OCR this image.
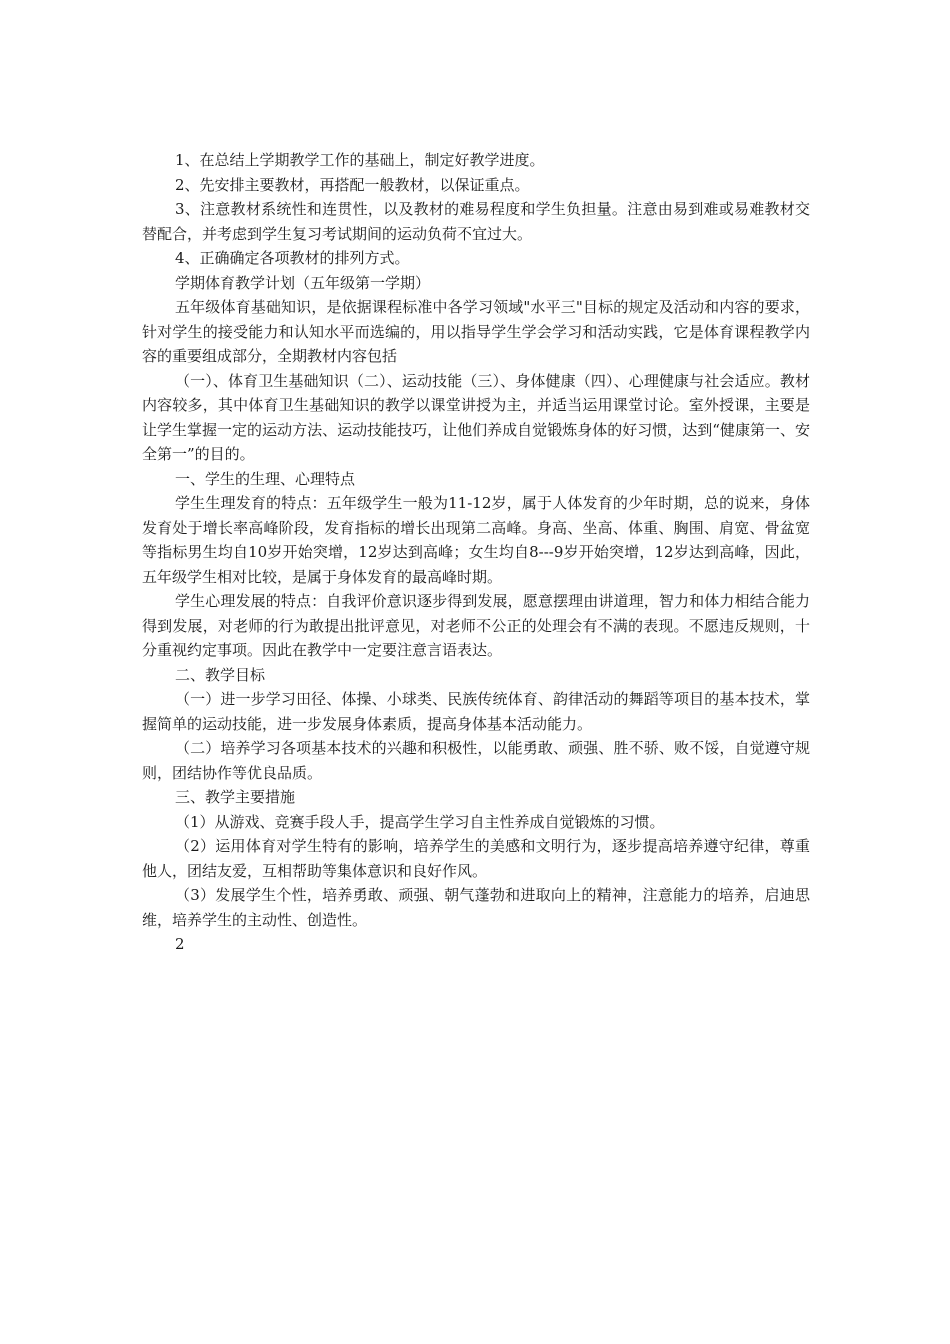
1、在总结上学期教学工作的基础上，制定好教学进度。

2、先安排主要教材，再搭配一般教材，以保证重点。

3、注意教材系统性和连贯性，以及教材的难易程度和学生负担量。注意由易到难或易难教材交替配合，并考虑到学生复习考试期间的运动负荷不宜过大。

4、正确确定各项教材的排列方式。

学期体育教学计划（五年级第一学期）

五年级体育基础知识，是依据课程标准中各学习领域"水平三"目标的规定及活动和内容的要求，针对学生的接受能力和认知水平而选编的，用以指导学生学会学习和活动实践，它是体育课程教学内容的重要组成部分，全期教材内容包括

（一）、体育卫生基础知识（二）、运动技能（三）、身体健康（四）、心理健康与社会适应。教材内容较多，其中体育卫生基础知识的教学以课堂讲授为主，并适当运用课堂讨论。室外授课，主要是让学生掌握一定的运动方法、运动技能技巧，让他们养成自觉锻炼身体的好习惯，达到“健康第一、安全第一”的目的。

一、学生的生理、心理特点

学生生理发育的特点：五年级学生一般为11-12岁，属于人体发育的少年时期，总的说来，身体发育处于增长率高峰阶段，发育指标的增长出现第二高峰。身高、坐高、体重、胸围、肩宽、骨盆宽等指标男生均自10岁开始突增，12岁达到高峰；女生均自8---9岁开始突增，12岁达到高峰，因此，五年级学生相对比较，是属于身体发育的最高峰时期。

学生心理发展的特点：自我评价意识逐步得到发展，愿意摆理由讲道理，智力和体力相结合能力得到发展，对老师的行为敢提出批评意见，对老师不公正的处理会有不满的表现。不愿违反规则，十分重视约定事项。因此在教学中一定要注意言语表达。

二、教学目标

（一）进一步学习田径、体操、小球类、民族传统体育、韵律活动的舞蹈等项目的基本技术，掌握简单的运动技能，进一步发展身体素质，提高身体基本活动能力。

（二）培养学习各项基本技术的兴趣和积极性，以能勇敢、顽强、胜不骄、败不馁，自觉遵守规则，团结协作等优良品质。

三、教学主要措施

（1）从游戏、竞赛手段人手，提高学生学习自主性养成自觉锻炼的习惯。

（2）运用体育对学生特有的影响，培养学生的美感和文明行为，逐步提高培养遵守纪律，尊重他人，团结友爱，互相帮助等集体意识和良好作风。

（3）发展学生个性，培养勇敢、顽强、朝气蓬勃和进取向上的精神，注意能力的培养，启迪思维，培养学生的主动性、创造性。

2
